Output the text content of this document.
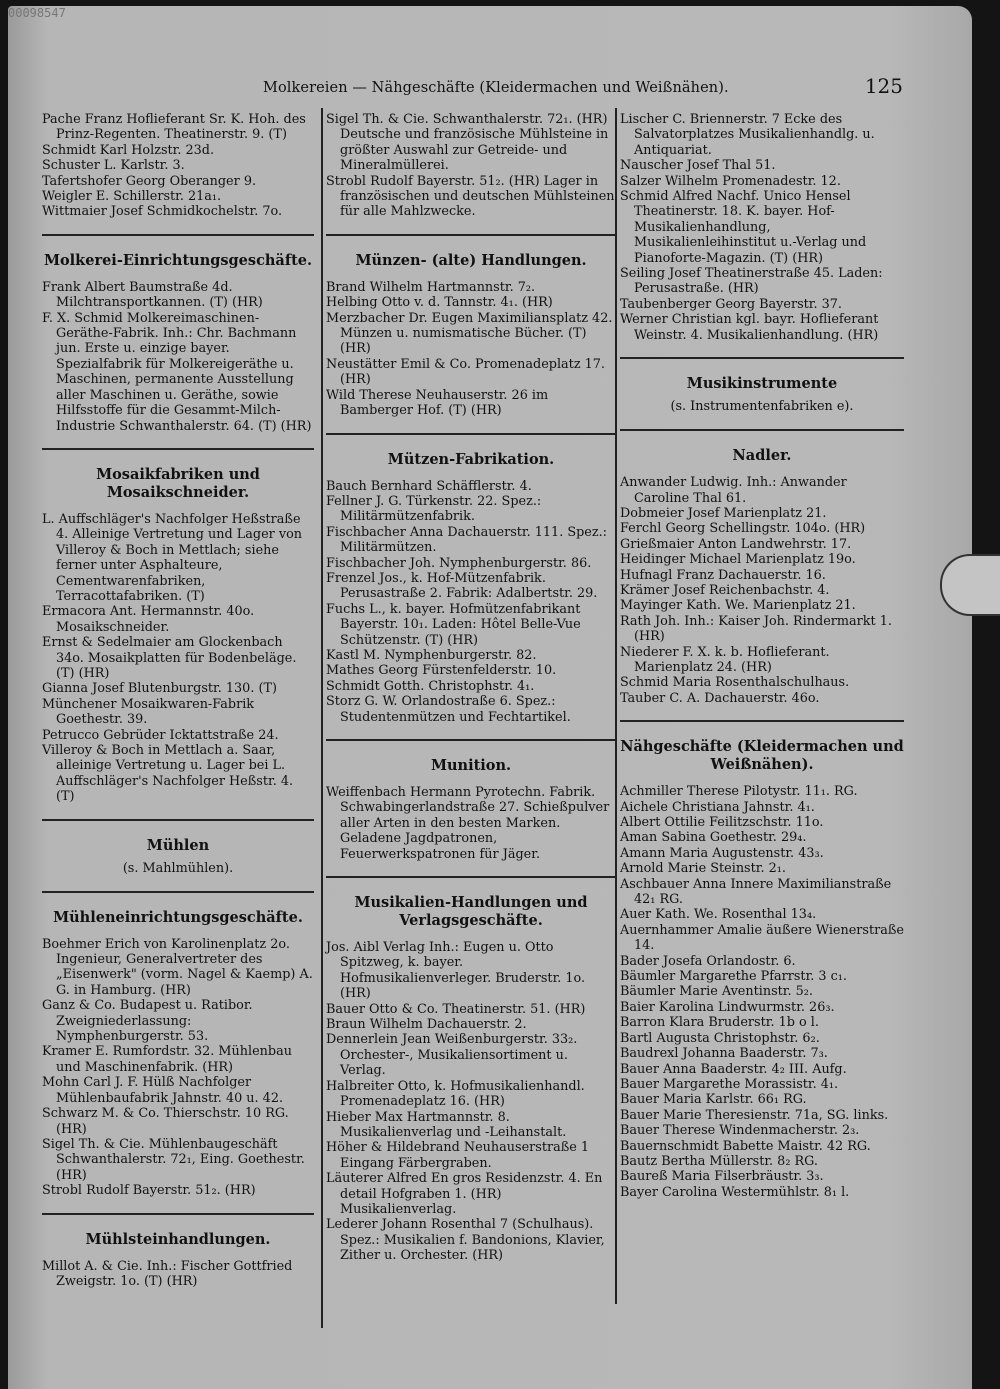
00098547
Molkereien — Nähgeschäfte (Kleidermachen und Weißnähen).	125

Pache Franz Hoflieferant Sr. K. Hoh. des Prinz-Regenten. Theatinerstr. 9. (T)

Schmidt Karl Holzstr. 23d.

Schuster L. Karlstr. 3.

Tafertshofer Georg Oberanger 9.

Weigler E. Schillerstr. 21a₁.

Wittmaier Josef Schmidkochelstr. 7o.

Molkerei-Einrichtungsgeschäfte.

Frank Albert Baumstraße 4d. Milchtransportkannen. (T) (HR)

F. X. Schmid Molkereimaschinen-Geräthe-Fabrik. Inh.: Chr. Bachmann jun. Erste u. einzige bayer. Spezialfabrik für Molkereigeräthe u. Maschinen, permanente Ausstellung aller Maschinen u. Geräthe, sowie Hilfsstoffe für die Gesammt-Milch-Industrie Schwanthalerstr. 64. (T) (HR)

Mosaikfabriken und Mosaikschneider.

L. Auffschläger's Nachfolger Heßstraße 4. Alleinige Vertretung und Lager von Villeroy & Boch in Mettlach; siehe ferner unter Asphalteure, Cementwarenfabriken, Terracottafabriken. (T)

Ermacora Ant. Hermannstr. 40o. Mosaikschneider.

Ernst & Sedelmaier am Glockenbach 34o. Mosaikplatten für Bodenbeläge. (T) (HR)

Gianna Josef Blutenburgstr. 130. (T)

Münchener Mosaikwaren-Fabrik Goethestr. 39.

Petrucco Gebrüder Icktattstraße 24.

Villeroy & Boch in Mettlach a. Saar, alleinige Vertretung u. Lager bei L. Auffschläger's Nachfolger Heßstr. 4. (T)

Mühlen
(s. Mahlmühlen).
Mühleneinrichtungsgeschäfte.

Boehmer Erich von Karolinenplatz 2o. Ingenieur, Generalvertreter des „Eisenwerk" (vorm. Nagel & Kaemp) A. G. in Hamburg. (HR)

Ganz & Co. Budapest u. Ratibor. Zweigniederlassung: Nymphenburgerstr. 53.

Kramer E. Rumfordstr. 32. Mühlenbau und Maschinenfabrik. (HR)

Mohn Carl J. F. Hülß Nachfolger Mühlenbaufabrik Jahnstr. 40 u. 42.

Schwarz M. & Co. Thierschstr. 10 RG. (HR)

Sigel Th. & Cie. Mühlenbaugeschäft Schwanthalerstr. 72₁, Eing. Goethestr. (HR)

Strobl Rudolf Bayerstr. 51₂. (HR)

Mühlsteinhandlungen.

Millot A. & Cie. Inh.: Fischer Gottfried Zweigstr. 1o. (T) (HR)

Sigel Th. & Cie. Schwanthalerstr. 72₁. (HR) Deutsche und französische Mühlsteine in größter Auswahl zur Getreide- und Mineralmüllerei.

Strobl Rudolf Bayerstr. 51₂. (HR) Lager in französischen und deutschen Mühlsteinen für alle Mahlzwecke.

Münzen- (alte) Handlungen.

Brand Wilhelm Hartmannstr. 7₂.

Helbing Otto v. d. Tannstr. 4₁. (HR)

Merzbacher Dr. Eugen Maximiliansplatz 42. Münzen u. numismatische Bücher. (T) (HR)

Neustätter Emil & Co. Promenadeplatz 17. (HR)

Wild Therese Neuhauserstr. 26 im Bamberger Hof. (T) (HR)

Mützen-Fabrikation.

Bauch Bernhard Schäfflerstr. 4.

Fellner J. G. Türkenstr. 22. Spez.: Militärmützenfabrik.

Fischbacher Anna Dachauerstr. 111. Spez.: Militärmützen.

Fischbacher Joh. Nymphenburgerstr. 86.

Frenzel Jos., k. Hof-Mützenfabrik. Perusastraße 2. Fabrik: Adalbertstr. 29.

Fuchs L., k. bayer. Hofmützenfabrikant Bayerstr. 10₁. Laden: Hôtel Belle-Vue Schützenstr. (T) (HR)

Kastl M. Nymphenburgerstr. 82.

Mathes Georg Fürstenfelderstr. 10.

Schmidt Gotth. Christophstr. 4₁.

Storz G. W. Orlandostraße 6. Spez.: Studentenmützen und Fechtartikel.

Munition.

Weiffenbach Hermann Pyrotechn. Fabrik. Schwabingerlandstraße 27. Schießpulver aller Arten in den besten Marken. Geladene Jagdpatronen, Feuerwerkspatronen für Jäger.

Musikalien-Handlungen und Verlagsgeschäfte.

Jos. Aibl Verlag Inh.: Eugen u. Otto Spitzweg, k. bayer. Hofmusikalienverleger. Bruderstr. 1o. (HR)

Bauer Otto & Co. Theatinerstr. 51. (HR)

Braun Wilhelm Dachauerstr. 2.

Dennerlein Jean Weißenburgerstr. 33₂. Orchester-, Musikaliensortiment u. Verlag.

Halbreiter Otto, k. Hofmusikalienhandl. Promenadeplatz 16. (HR)

Hieber Max Hartmannstr. 8. Musikalienverlag und -Leihanstalt.

Höher & Hildebrand Neuhauserstraße 1 Eingang Färbergraben.

Läuterer Alfred En gros Residenzstr. 4. En detail Hofgraben 1. (HR) Musikalienverlag.

Lederer Johann Rosenthal 7 (Schulhaus). Spez.: Musikalien f. Bandonions, Klavier, Zither u. Orchester. (HR)

Lischer C. Briennerstr. 7 Ecke des Salvatorplatzes Musikalienhandlg. u. Antiquariat.

Nauscher Josef Thal 51.

Salzer Wilhelm Promenadestr. 12.

Schmid Alfred Nachf. Unico Hensel Theatinerstr. 18. K. bayer. Hof-Musikalienhandlung, Musikalienleihinstitut u.-Verlag und Pianoforte-Magazin. (T) (HR)

Seiling Josef Theatinerstraße 45. Laden: Perusastraße. (HR)

Taubenberger Georg Bayerstr. 37.

Werner Christian kgl. bayr. Hoflieferant Weinstr. 4. Musikalienhandlung. (HR)

Musikinstrumente
(s. Instrumentenfabriken e).
Nadler.

Anwander Ludwig. Inh.: Anwander Caroline Thal 61.

Dobmeier Josef Marienplatz 21.

Ferchl Georg Schellingstr. 104o. (HR)

Grießmaier Anton Landwehrstr. 17.

Heidinger Michael Marienplatz 19o.

Hufnagl Franz Dachauerstr. 16.

Krämer Josef Reichenbachstr. 4.

Mayinger Kath. We. Marienplatz 21.

Rath Joh. Inh.: Kaiser Joh. Rindermarkt 1. (HR)

Niederer F. X. k. b. Hoflieferant. Marienplatz 24. (HR)

Schmid Maria Rosenthalschulhaus.

Tauber C. A. Dachauerstr. 46o.

Nähgeschäfte (Kleidermachen und Weißnähen).

Achmiller Therese Pilotystr. 11₁. RG.

Aichele Christiana Jahnstr. 4₁.

Albert Ottilie Feilitzschstr. 11o.

Aman Sabina Goethestr. 29₄.

Amann Maria Augustenstr. 43₃.

Arnold Marie Steinstr. 2₁.

Aschbauer Anna Innere Maximilianstraße 42₁ RG.

Auer Kath. We. Rosenthal 13₄.

Auernhammer Amalie äußere Wienerstraße 14.

Bader Josefa Orlandostr. 6.

Bäumler Margarethe Pfarrstr. 3 c₁.

Bäumler Marie Aventinstr. 5₂.

Baier Karolina Lindwurmstr. 26₃.

Barron Klara Bruderstr. 1b o l.

Bartl Augusta Christophstr. 6₂.

Baudrexl Johanna Baaderstr. 7₃.

Bauer Anna Baaderstr. 4₂ III. Aufg.

Bauer Margarethe Morassistr. 4₁.

Bauer Maria Karlstr. 66₁ RG.

Bauer Marie Theresienstr. 71a, SG. links.

Bauer Therese Windenmacherstr. 2₃.

Bauernschmidt Babette Maistr. 42 RG.

Bautz Bertha Müllerstr. 8₂ RG.

Baureß Maria Filserbräustr. 3₃.

Bayer Carolina Westermühlstr. 8₁ l.
